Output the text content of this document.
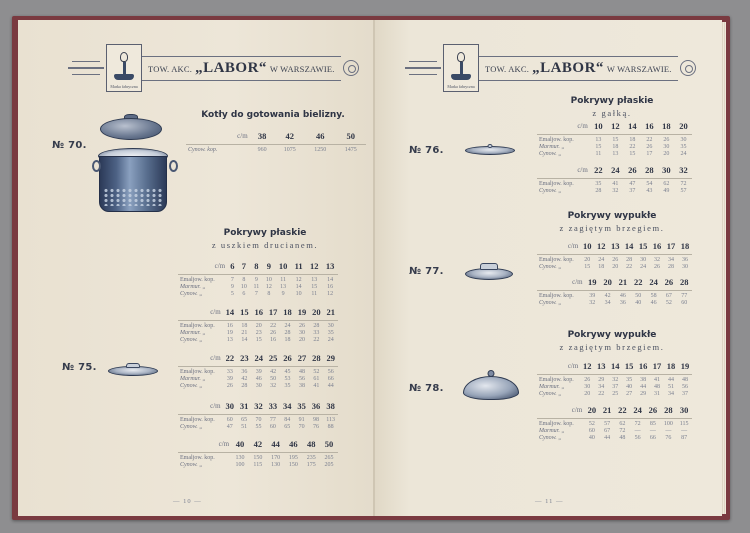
Marka fabryczna
TOW. AKC. „LABOR“ W WARSZAWIE.
№ 70.
Kotły do gotowania bielizny.
c/m	38	42	46	50
Cynow. kop.	960	1075	1250	1475
Pokrywy płaskie
z uszkiem drucianem.
№ 75.
c/m	6	7	8	9	10	11	12	13
Emaljow. kop.	7	8	9	10	11	12	13	14
Marmur. „	9	10	11	12	13	14	15	16
Cynow. „	5	6	7	8	9	10	11	12
c/m	14	15	16	17	18	19	20	21
Emaljow. kop.	16	18	20	22	24	26	28	30
Marmur. „	19	21	23	26	28	30	33	35
Cynow. „	13	14	15	16	18	20	22	24
c/m	22	23	24	25	26	27	28	29
Emaljow. kop.	33	36	39	42	45	48	52	56
Marmur. „	39	42	46	50	53	56	61	66
Cynow. „	26	28	30	32	35	38	41	44
c/m	30	31	32	33	34	35	36	38
Emaljow. kop.	60	65	70	77	84	91	98	113
Cynow. „	47	51	55	60	65	70	76	88
c/m	40	42	44	46	48	50
Emaljow. kop.	130	150	170	195	235	265
Cynow. „	100	115	130	150	175	205
— 10 —
Marka fabryczna
TOW. AKC. „LABOR“ W WARSZAWIE.
Pokrywy płaskie
z gałką.
№ 76.
c/m	10	12	14	16	18	20
Emaljow. kop.	13	15	18	22	26	30
Marmur. „	15	18	22	26	30	35
Cynow. „	11	13	15	17	20	24
c/m	22	24	26	28	30	32
Emaljow. kop.	35	41	47	54	62	72
Cynow. „	28	32	37	43	49	57
Pokrywy wypukłe
z zagiętym brzegiem.
№ 77.
c/m	10	12	13	14	15	16	17	18
Emaljow. kop.	20	24	26	28	30	32	34	36
Cynow. „	15	18	20	22	24	26	28	30
c/m	19	20	21	22	24	26	28
Emaljow. kop.	39	42	46	50	58	67	77
Cynow. „	32	34	36	40	46	52	60
Pokrywy wypukłe
z zagiętym brzegiem.
№ 78.
c/m	12	13	14	15	16	17	18	19
Emaljow. kop.	26	29	32	35	38	41	44	48
Marmur. „	30	34	37	40	44	48	51	56
Cynow. „	20	22	25	27	29	31	34	37
c/m	20	21	22	24	26	28	30
Emaljow. kop.	52	57	62	72	85	100	115
Marmur. „	60	67	72	—	—	—	—
Cynow. „	40	44	48	56	66	76	87
— 11 —
